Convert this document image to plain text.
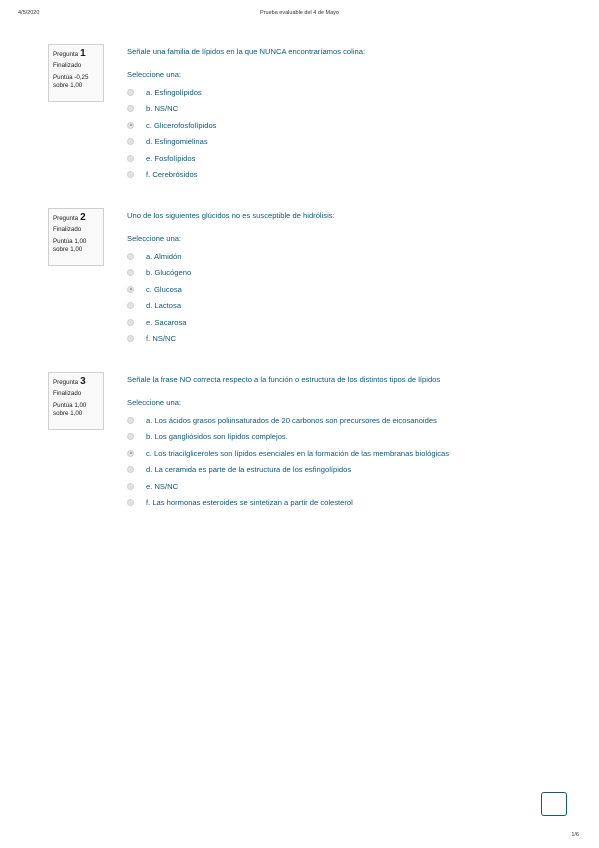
4/5/2020	Prueba evaluable del 4 de Mayo
Pregunta 1
Finalizado
Puntúa -0,25
sobre 1,00
Señale una familia de lípidos en la que NUNCA encontraríamos colina:
Seleccione una:
a. Esfingolípidos
b. NS/NC
c. Glicerofosfolípidos
d. Esfingomielinas
e. Fosfolípidos
f. Cerebrósidos
Pregunta 2
Finalizado
Puntúa 1,00
sobre 1,00
Uno de los siguientes glúcidos no es susceptible de hidrólisis:
Seleccione una:
a. Almidón
b. Glucógeno
c. Glucosa
d. Lactosa
e. Sacarosa
f. NS/NC
Pregunta 3
Finalizado
Puntúa 1,00
sobre 1,00
Señale la frase NO correcta respecto a la función o estructura de los distintos tipos de lípidos
Seleccione una:
a. Los ácidos grasos poliinsaturados de 20 carbonos son precursores de eicosanoides
b. Los gangliósidos son lípidos complejos.
c. Los triacilgliceroles son lípidos esenciales en la formación de las membranas biológicas
d. La ceramida es parte de la estructura de los esfingolípidos
e. NS/NC
f. Las hormonas esteroides se sintetizan a partir de colesterol
1/6
